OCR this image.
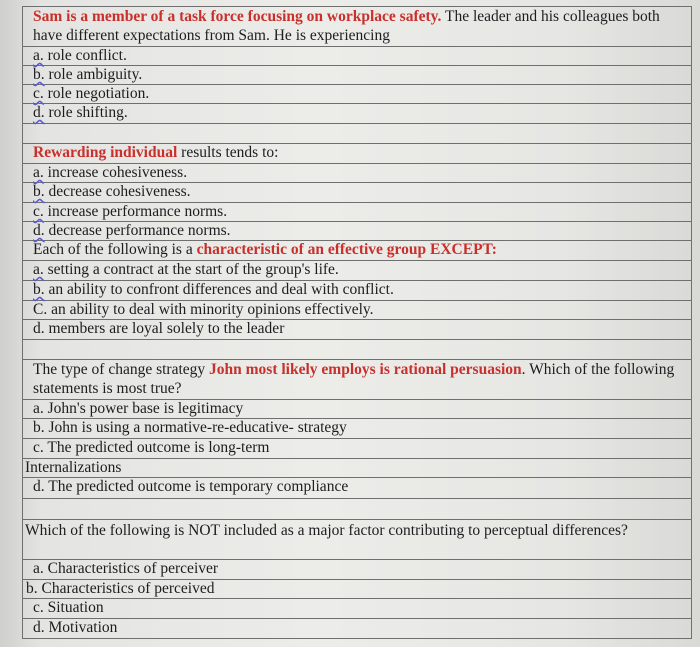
Sam is a member of a task force focusing on workplace safety. The leader and his colleagues both have different expectations from Sam. He is experiencing
a. role conflict.
b. role ambiguity.
c. role negotiation.
d. role shifting.
Rewarding individual results tends to:
a. increase cohesiveness.
b. decrease cohesiveness.
c. increase performance norms.
d. decrease performance norms.
Each of the following is a characteristic of an effective group EXCEPT:
a. setting a contract at the start of the group's life.
b. an ability to confront differences and deal with conflict.
C. an ability to deal with minority opinions effectively.
d. members are loyal solely to the leader
The type of change strategy John most likely employs is rational persuasion. Which of the following statements is most true?
a. John's power base is legitimacy
b. John is using a normative-re-educative- strategy
c. The predicted outcome is long-term
Internalizations
d. The predicted outcome is temporary compliance
Which of the following is NOT included as a major factor contributing to perceptual differences?
a. Characteristics of perceiver
b. Characteristics of perceived
c. Situation
d. Motivation
